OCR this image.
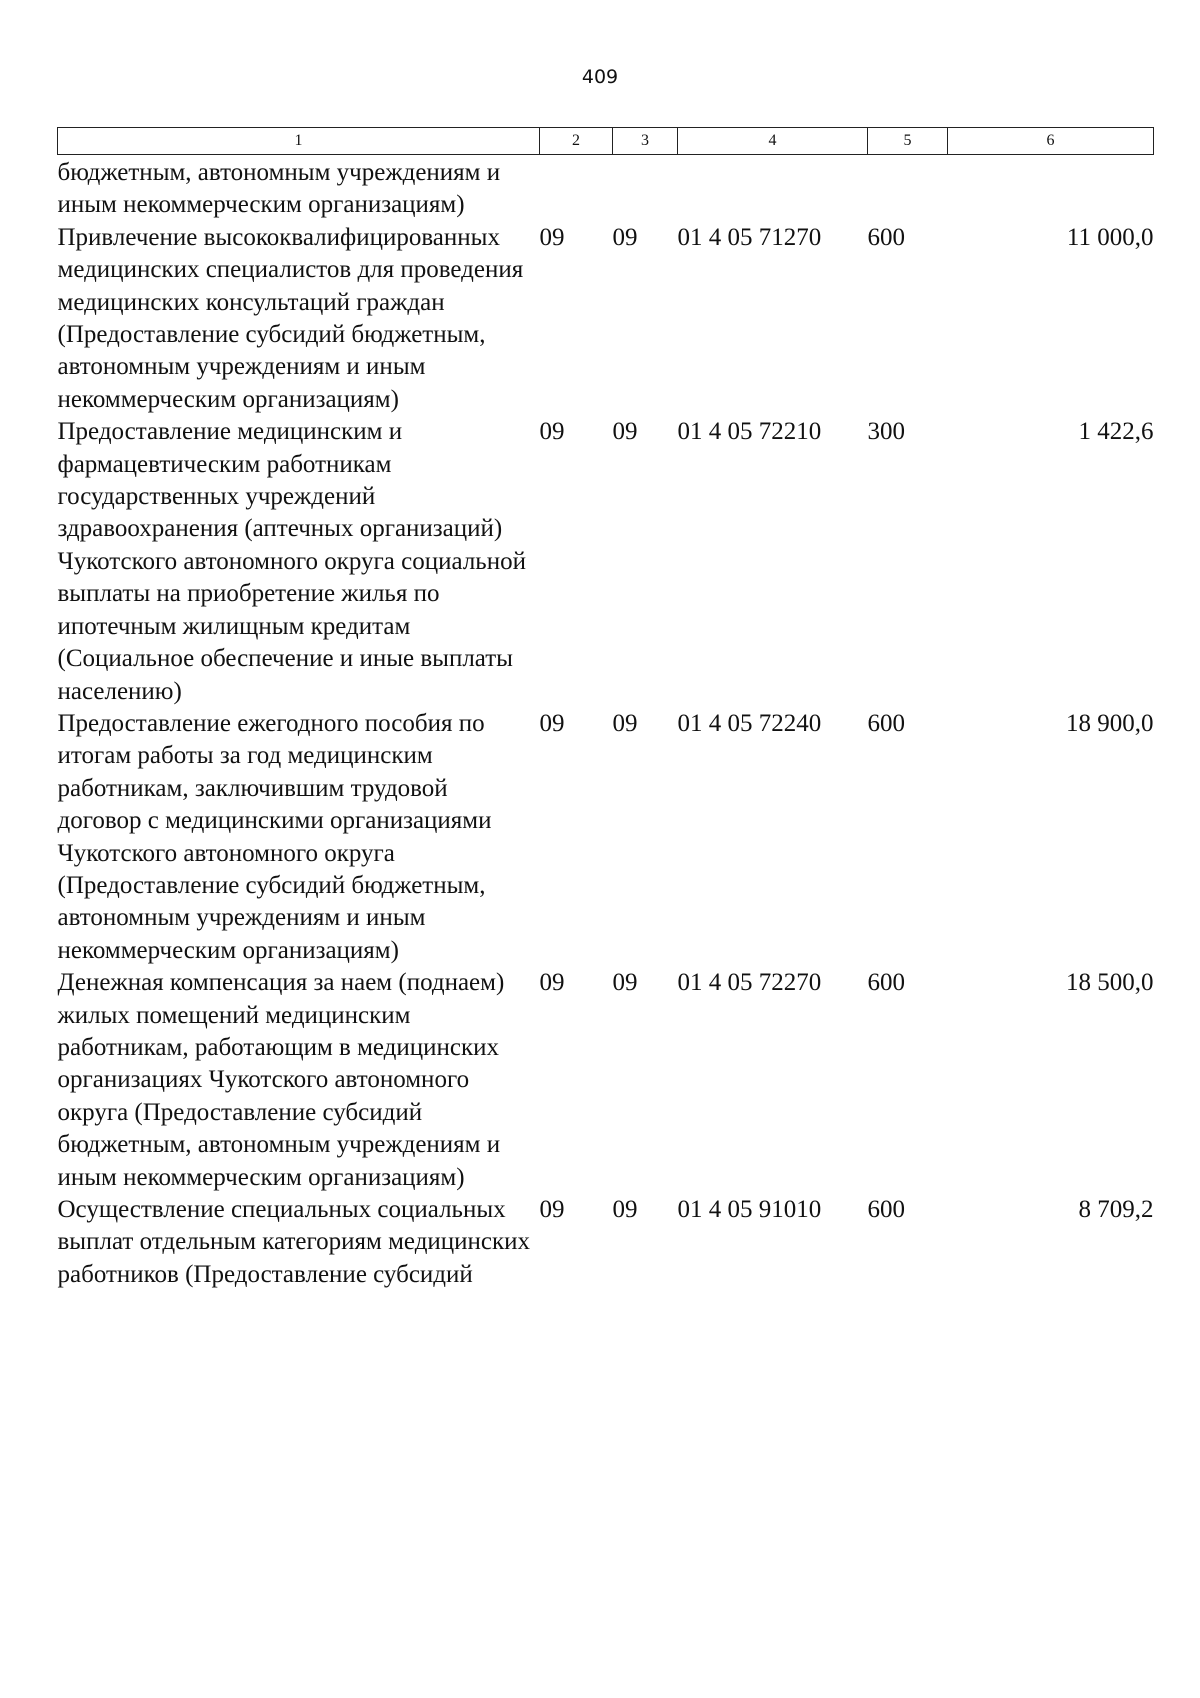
409
1	2	3	4	5	6
бюджетным, автономным учреждениям и иным некоммерческим организациям)					
Привлечение высококвалифицированных медицинских специалистов для проведения медицинских консультаций граждан (Предоставление субсидий бюджетным, автономным учреждениям и иным некоммерческим организациям)	09	09	01 4 05 71270	600	11 000,0
Предоставление медицинским и фармацевтическим работникам государственных учреждений здравоохранения (аптечных организаций) Чукотского автономного округа социальной выплаты на приобретение жилья по ипотечным жилищным кредитам (Социальное обеспечение и иные выплаты населению)	09	09	01 4 05 72210	300	1 422,6
Предоставление ежегодного пособия по итогам работы за год медицинским работникам, заключившим трудовой договор с медицинскими организациями Чукотского автономного округа (Предоставление субсидий бюджетным, автономным учреждениям и иным некоммерческим организациям)	09	09	01 4 05 72240	600	18 900,0
Денежная компенсация за наем (поднаем) жилых помещений медицинским работникам, работающим в медицинских организациях Чукотского автономного округа (Предоставление субсидий бюджетным, автономным учреждениям и иным некоммерческим организациям)	09	09	01 4 05 72270	600	18 500,0
Осуществление специальных социальных выплат отдельным категориям медицинских работников (Предоставление субсидий	09	09	01 4 05 91010	600	8 709,2
